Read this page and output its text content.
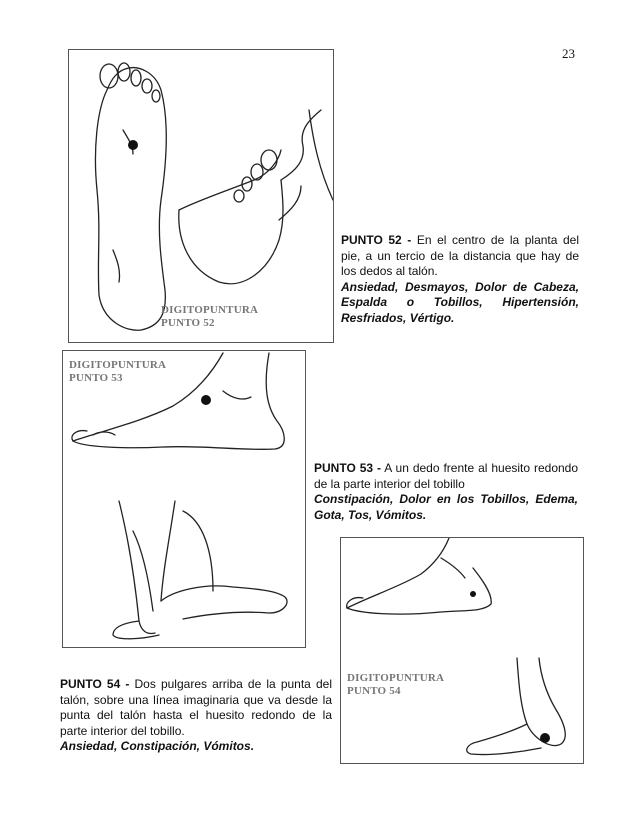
23
DIGITOPUNTURA
PUNTO 52
PUNTO 52 - En el centro de la planta del pie, a un tercio de la distancia que hay de los dedos al talón.
Ansiedad, Desmayos, Dolor de Cabeza, Espalda o Tobillos, Hipertensión, Resfriados, Vértigo.
DIGITOPUNTURA
PUNTO 53
PUNTO 53 - A un dedo frente al huesito redondo de la parte interior del tobillo
Constipación, Dolor en los Tobillos, Edema, Gota, Tos, Vómitos.
DIGITOPUNTURA
PUNTO 54
PUNTO 54 - Dos pulgares arriba de la punta del talón, sobre una línea imaginaria que va desde la punta del talón hasta el huesito redondo de la parte interior del tobillo.
Ansiedad, Constipación, Vómitos.
